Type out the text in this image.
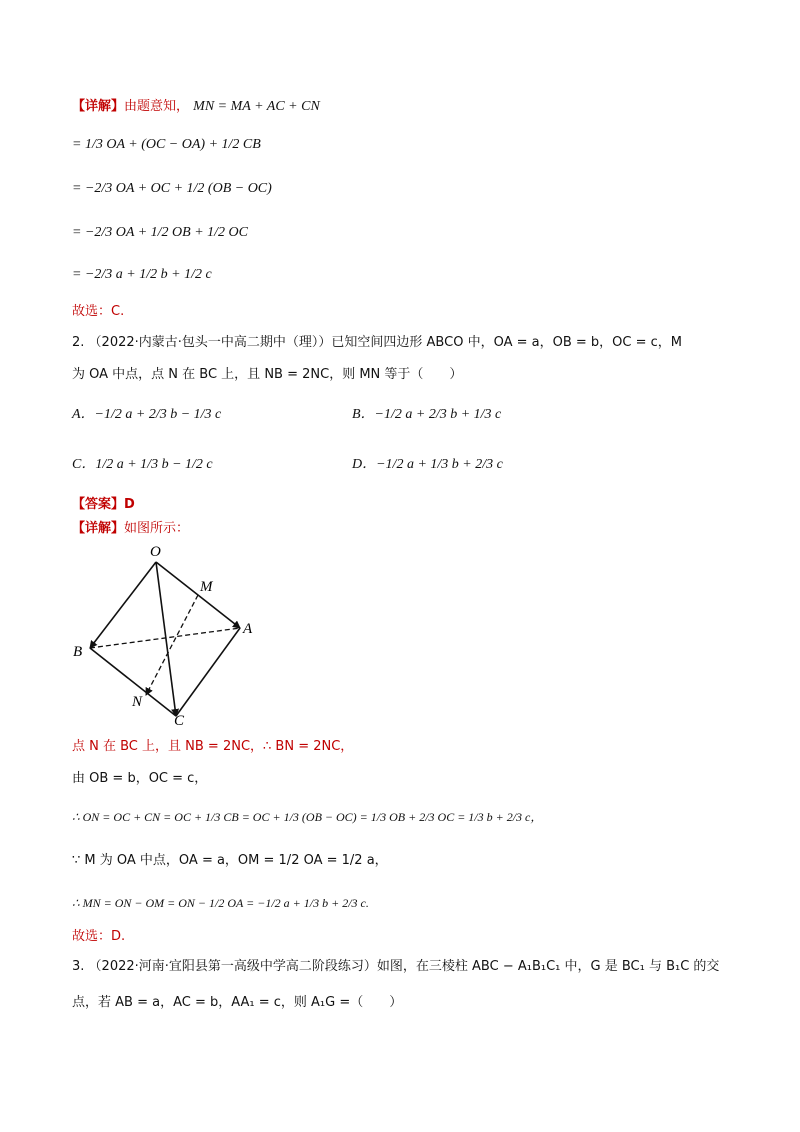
【详解】由题意知， MN = MA + AC + CN
= 1/3 OA + (OC − OA) + 1/2 CB
= −2/3 OA + OC + 1/2 (OB − OC)
= −2/3 OA + 1/2 OB + 1/2 OC
= −2/3 a + 1/2 b + 1/2 c
故选：C.
2. （2022·内蒙古·包头一中高二期中（理））已知空间四边形 ABCO 中，OA = a，OB = b，OC = c，M
为 OA 中点，点 N 在 BC 上，且 NB = 2NC，则 MN 等于（　　）
A．−1/2 a + 2/3 b − 1/3 c	B．−1/2 a + 2/3 b + 1/3 c
C．1/2 a + 1/3 b − 1/2 c	D．−1/2 a + 1/3 b + 2/3 c
【答案】D
【详解】如图所示：
O
M
A
B
N
C
点 N 在 BC 上，且 NB = 2NC，∴ BN = 2NC，
由 OB = b，OC = c，
∴ ON = OC + CN = OC + 1/3 CB = OC + 1/3 (OB − OC) = 1/3 OB + 2/3 OC = 1/3 b + 2/3 c，
∵ M 为 OA 中点，OA = a，OM = 1/2 OA = 1/2 a，
∴ MN = ON − OM = ON − 1/2 OA = −1/2 a + 1/3 b + 2/3 c.
故选：D.
3. （2022·河南·宜阳县第一高级中学高二阶段练习）如图，在三棱柱 ABC − A₁B₁C₁ 中，G 是 BC₁ 与 B₁C 的交
点，若 AB = a，AC = b，AA₁ = c，则 A₁G =（　　）
